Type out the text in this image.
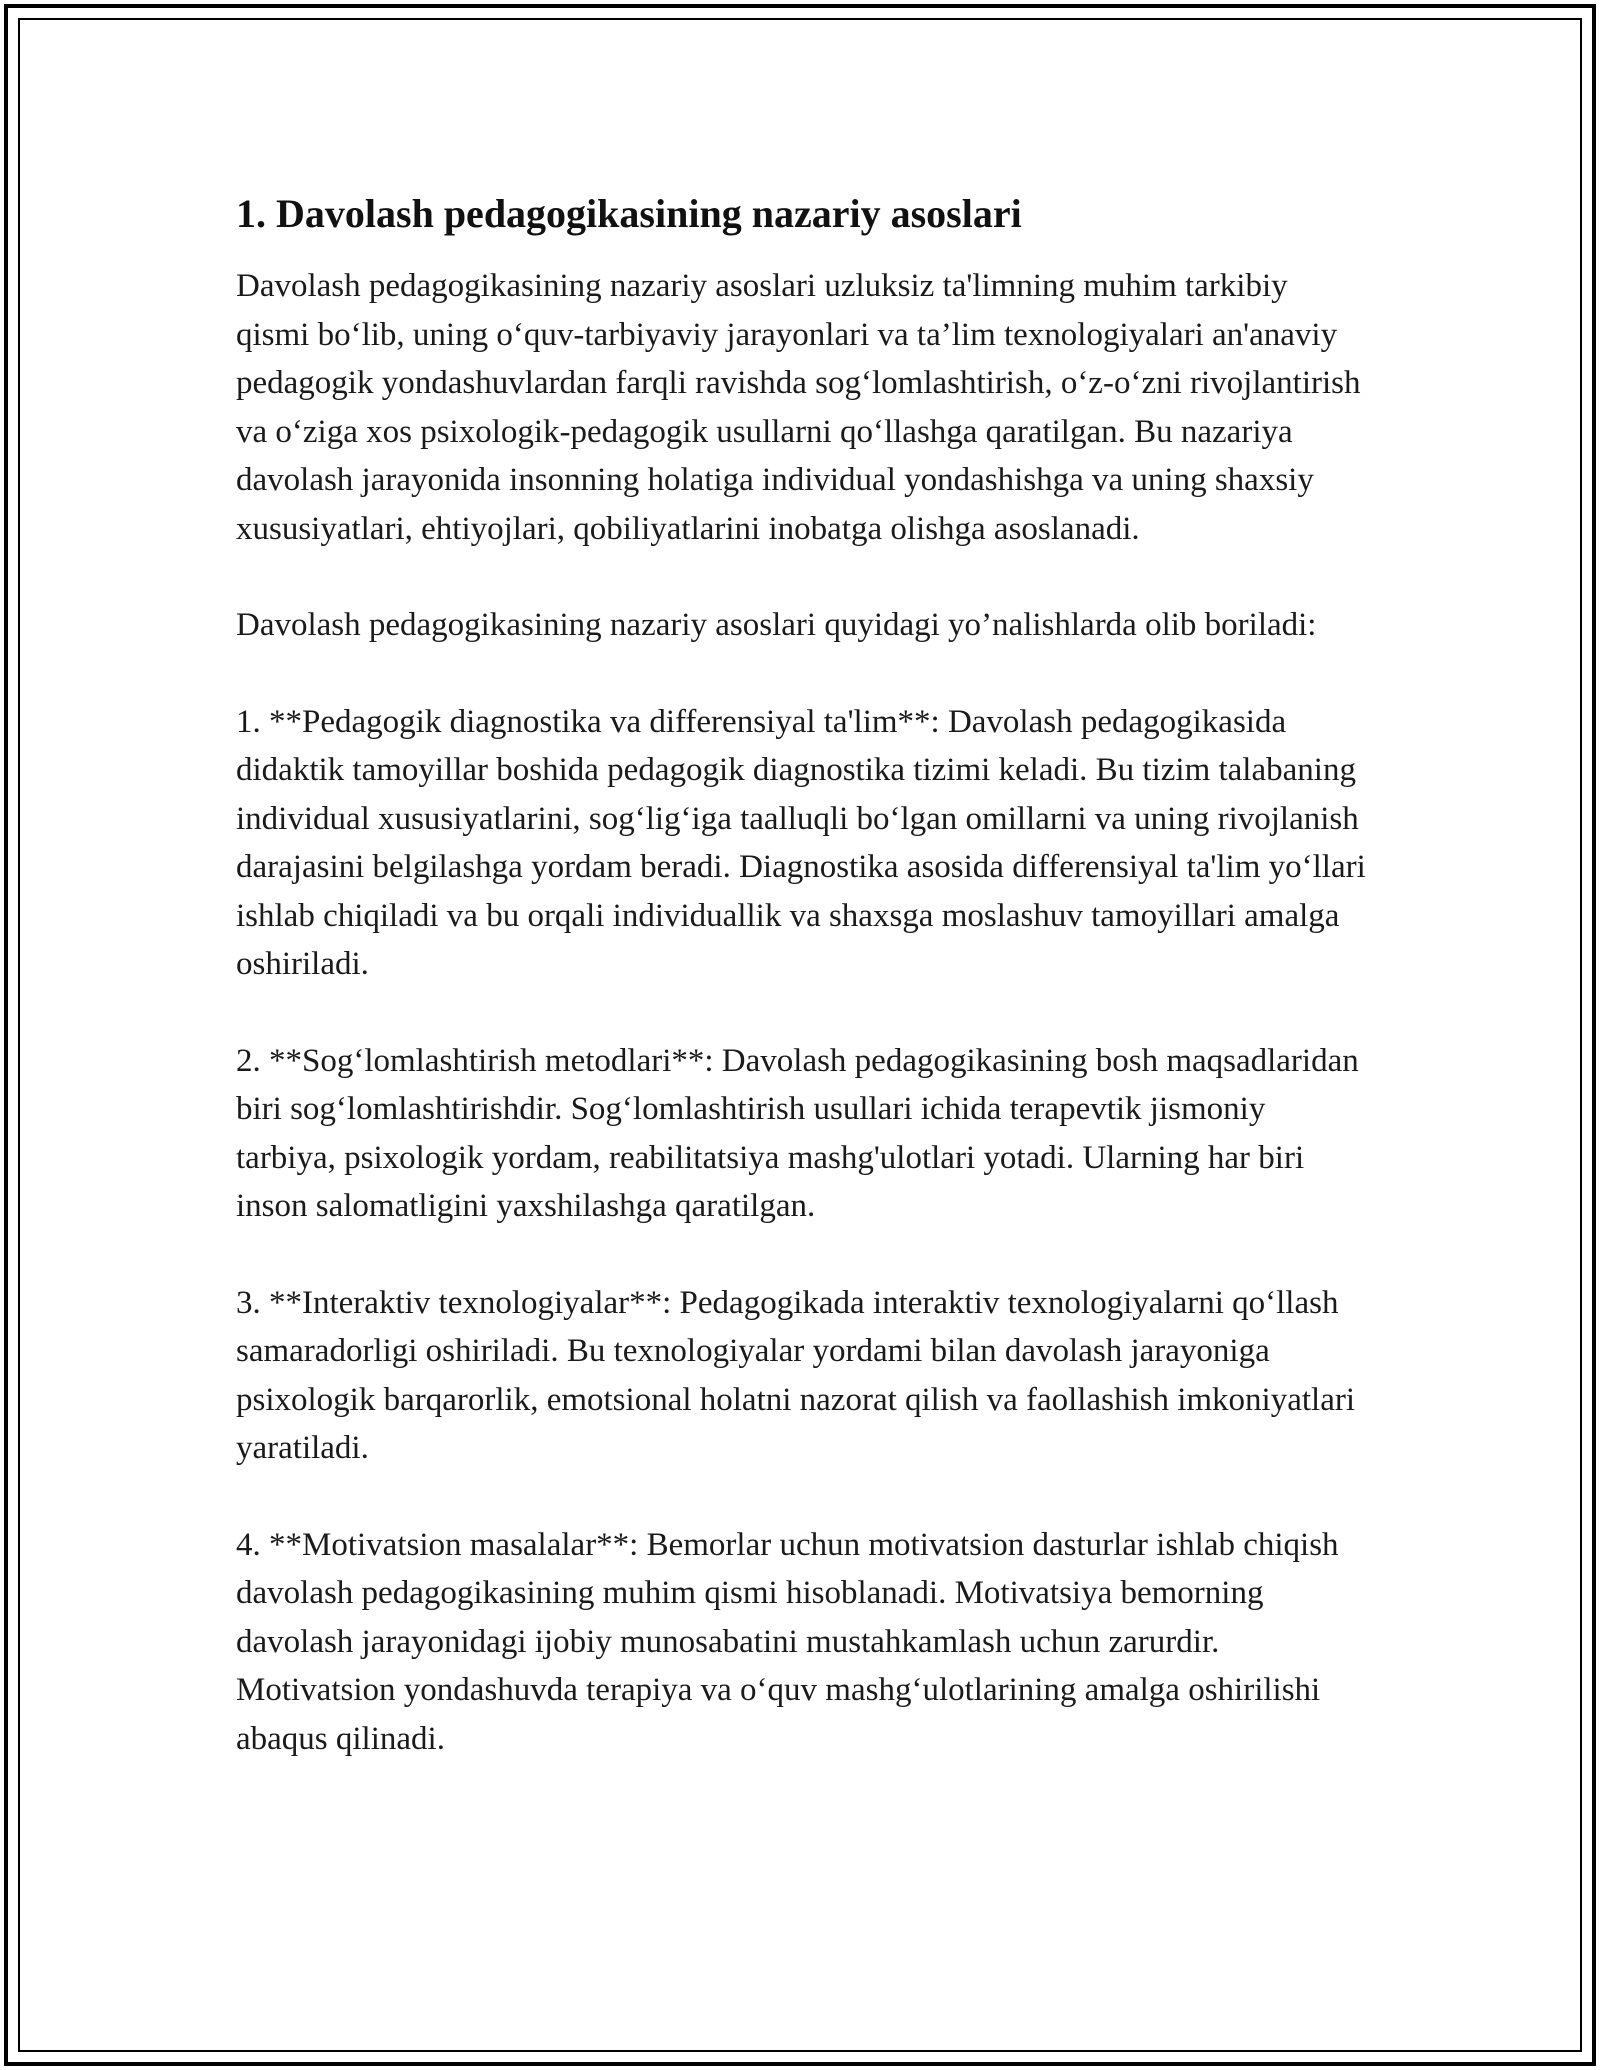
1. Davolash pedagogikasining nazariy asoslari

Davolash pedagogikasining nazariy asoslari uzluksiz ta'limning muhim tarkibiy qismi bo‘lib, uning o‘quv-tarbiyaviy jarayonlari va ta’lim texnologiyalari an'anaviy pedagogik yondashuvlardan farqli ravishda sog‘lomlashtirish, o‘z-o‘zni rivojlantirish va o‘ziga xos psixologik-pedagogik usullarni qo‘llashga qaratilgan. Bu nazariya davolash jarayonida insonning holatiga individual yondashishga va uning shaxsiy xususiyatlari, ehtiyojlari, qobiliyatlarini inobatga olishga asoslanadi.

Davolash pedagogikasining nazariy asoslari quyidagi yo’nalishlarda olib boriladi:

1. **Pedagogik diagnostika va differensiyal ta'lim**: Davolash pedagogikasida didaktik tamoyillar boshida pedagogik diagnostika tizimi keladi. Bu tizim talabaning individual xususiyatlarini, sog‘lig‘iga taalluqli bo‘lgan omillarni va uning rivojlanish darajasini belgilashga yordam beradi. Diagnostika asosida differensiyal ta'lim yo‘llari ishlab chiqiladi va bu orqali individuallik va shaxsga moslashuv tamoyillari amalga oshiriladi.

2. **Sog‘lomlashtirish metodlari**: Davolash pedagogikasining bosh maqsadlaridan biri sog‘lomlashtirishdir. Sog‘lomlashtirish usullari ichida terapevtik jismoniy tarbiya, psixologik yordam, reabilitatsiya mashg'ulotlari yotadi. Ularning har biri inson salomatligini yaxshilashga qaratilgan.

3. **Interaktiv texnologiyalar**: Pedagogikada interaktiv texnologiyalarni qo‘llash samaradorligi oshiriladi. Bu texnologiyalar yordami bilan davolash jarayoniga psixologik barqarorlik, emotsional holatni nazorat qilish va faollashish imkoniyatlari yaratiladi.

4. **Motivatsion masalalar**: Bemorlar uchun motivatsion dasturlar ishlab chiqish davolash pedagogikasining muhim qismi hisoblanadi. Motivatsiya bemorning davolash jarayonidagi ijobiy munosabatini mustahkamlash uchun zarurdir. Motivatsion yondashuvda terapiya va o‘quv mashg‘ulotlarining amalga oshirilishi abaqus qilinadi.
